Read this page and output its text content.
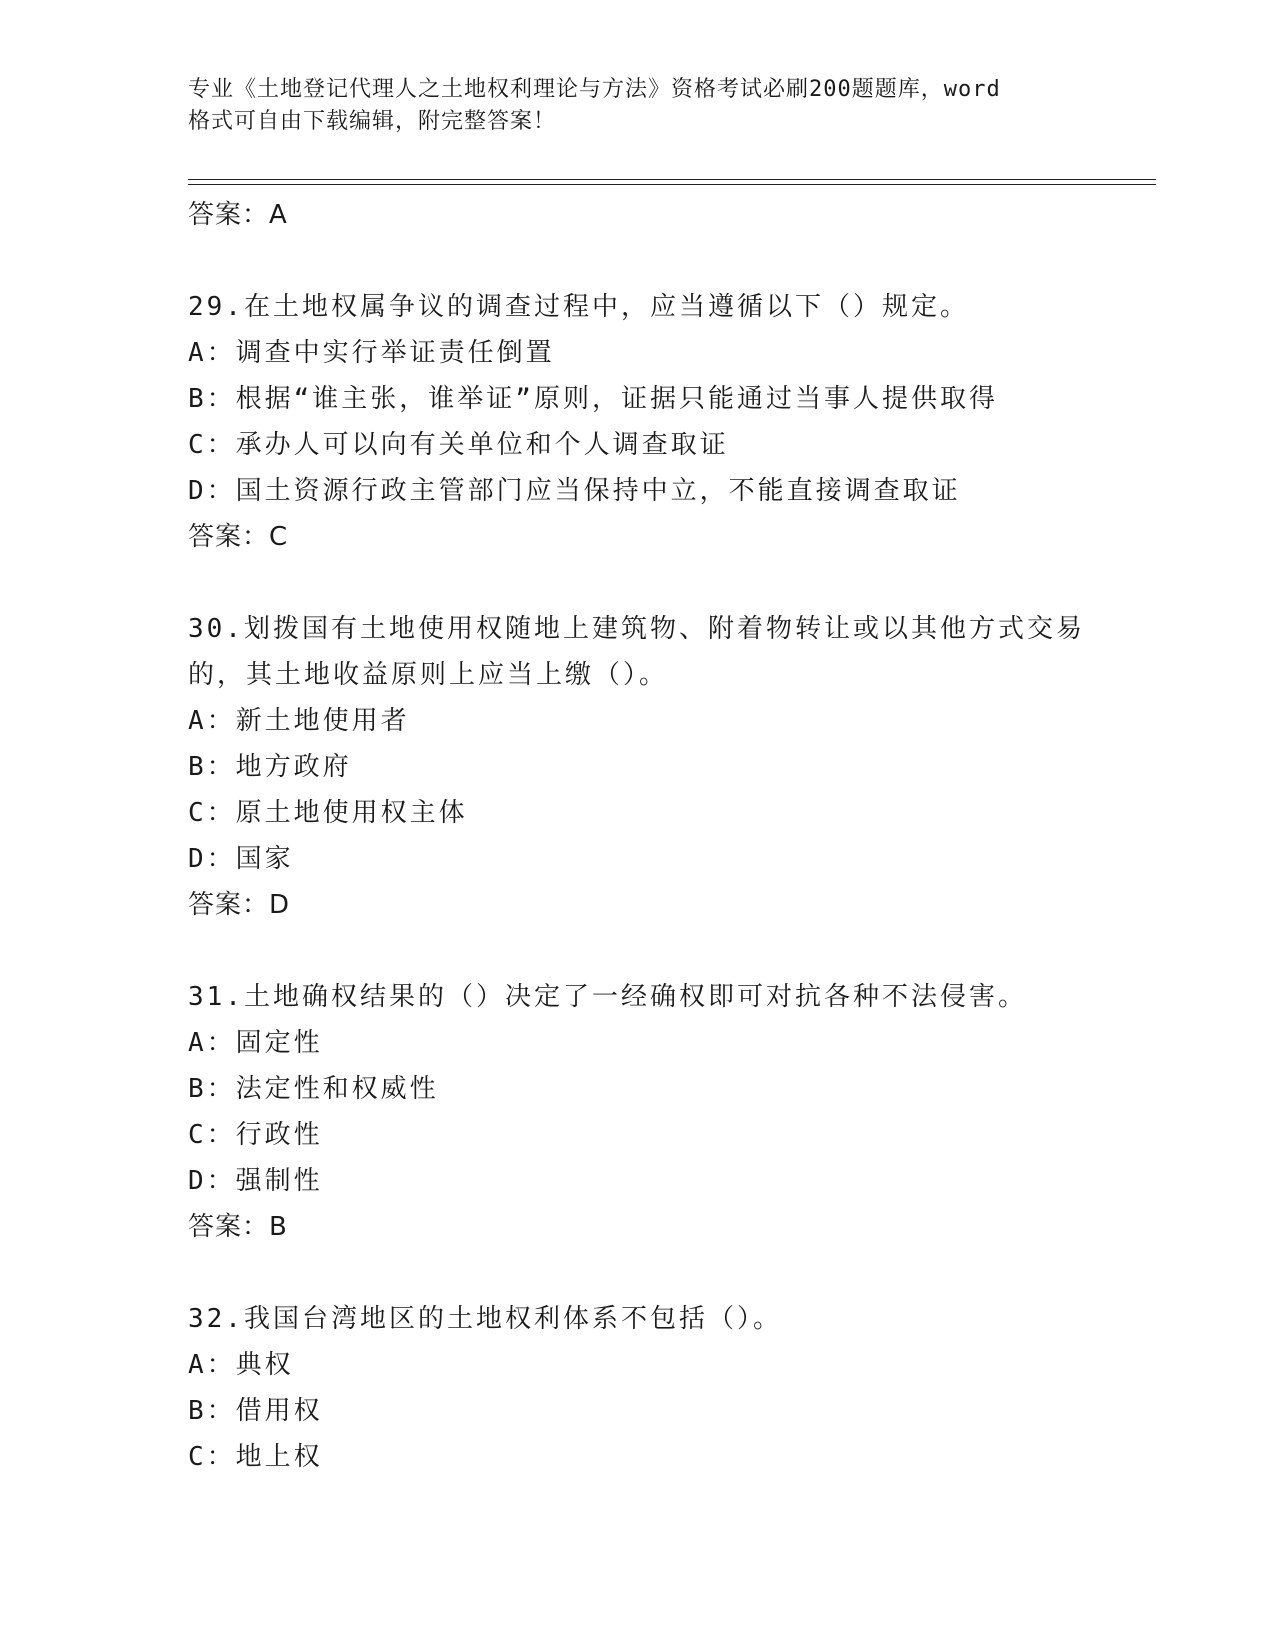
专业《土地登记代理人之土地权利理论与方法》资格考试必刷200题题库，word
格式可自由下载编辑，附完整答案！
答案：A
29.在土地权属争议的调查过程中，应当遵循以下（）规定。
A：调查中实行举证责任倒置
B：根据“谁主张，谁举证”原则，证据只能通过当事人提供取得
C：承办人可以向有关单位和个人调查取证
D：国土资源行政主管部门应当保持中立，不能直接调查取证
答案：C
30.划拨国有土地使用权随地上建筑物、附着物转让或以其他方式交易
的，其土地收益原则上应当上缴（）。
A：新土地使用者
B：地方政府
C：原土地使用权主体
D：国家
答案：D
31.土地确权结果的（）决定了一经确权即可对抗各种不法侵害。
A：固定性
B：法定性和权威性
C：行政性
D：强制性
答案：B
32.我国台湾地区的土地权利体系不包括（）。
A：典权
B：借用权
C：地上权
